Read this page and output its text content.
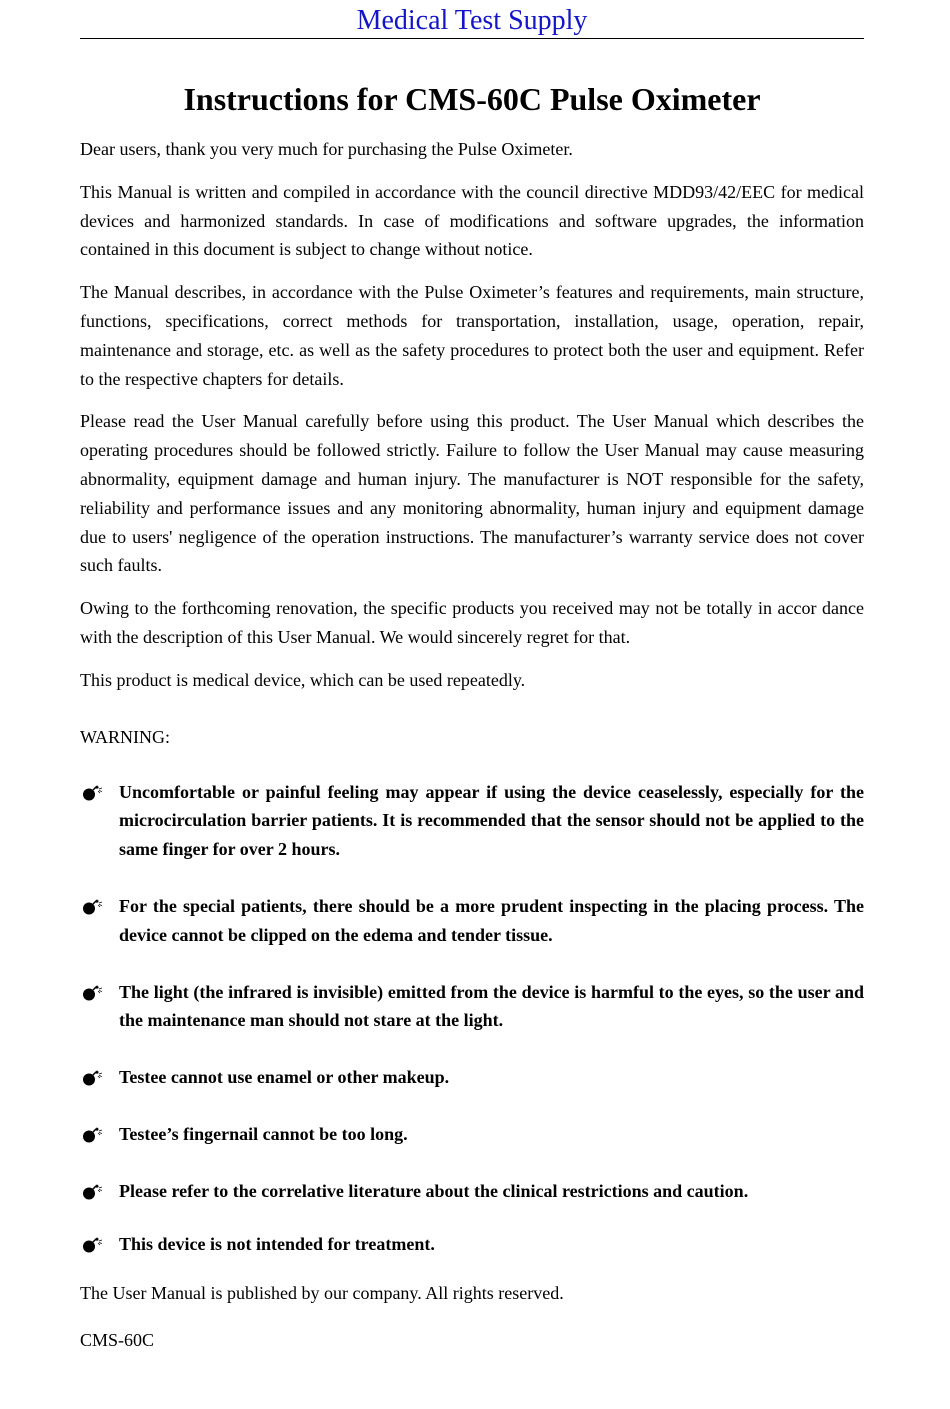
Medical Test Supply
Instructions for CMS-60C Pulse Oximeter

Dear users, thank you very much for purchasing the Pulse Oximeter.

This Manual is written and compiled in accordance with the council directive MDD93/42/EEC for medical devices and harmonized standards. In case of modifications and software upgrades, the information contained in this document is subject to change without notice.

The Manual describes, in accordance with the Pulse Oximeter’s features and requirements, main structure, functions, specifications, correct methods for transportation, installation, usage, operation, repair, maintenance and storage, etc. as well as the safety procedures to protect both the user and equipment. Refer to the respective chapters for details.

Please read the User Manual carefully before using this product. The User Manual which describes the operating procedures should be followed strictly. Failure to follow the User Manual may cause measuring abnormality, equipment damage and human injury. The manufacturer is NOT responsible for the safety, reliability and performance issues and any monitoring abnormality, human injury and equipment damage due to users' negligence of the operation instructions. The manufacturer’s warranty service does not cover such faults.

Owing to the forthcoming renovation, the specific products you received may not be totally in accor dance with the description of this User Manual. We would sincerely regret for that.

This product is medical device, which can be used repeatedly.

WARNING:
Uncomfortable or painful feeling may appear if using the device ceaselessly, especially for the microcirculation barrier patients. It is recommended that the sensor should not be applied to the same finger for over 2 hours.
For the special patients, there should be a more prudent inspecting in the placing process. The device cannot be clipped on the edema and tender tissue.
The light (the infrared is invisible) emitted from the device is harmful to the eyes, so the user and the maintenance man should not stare at the light.
Testee cannot use enamel or other makeup.
Testee’s fingernail cannot be too long.
Please refer to the correlative literature about the clinical restrictions and caution.
This device is not intended for treatment.
The User Manual is published by our company. All rights reserved.
CMS-60C
